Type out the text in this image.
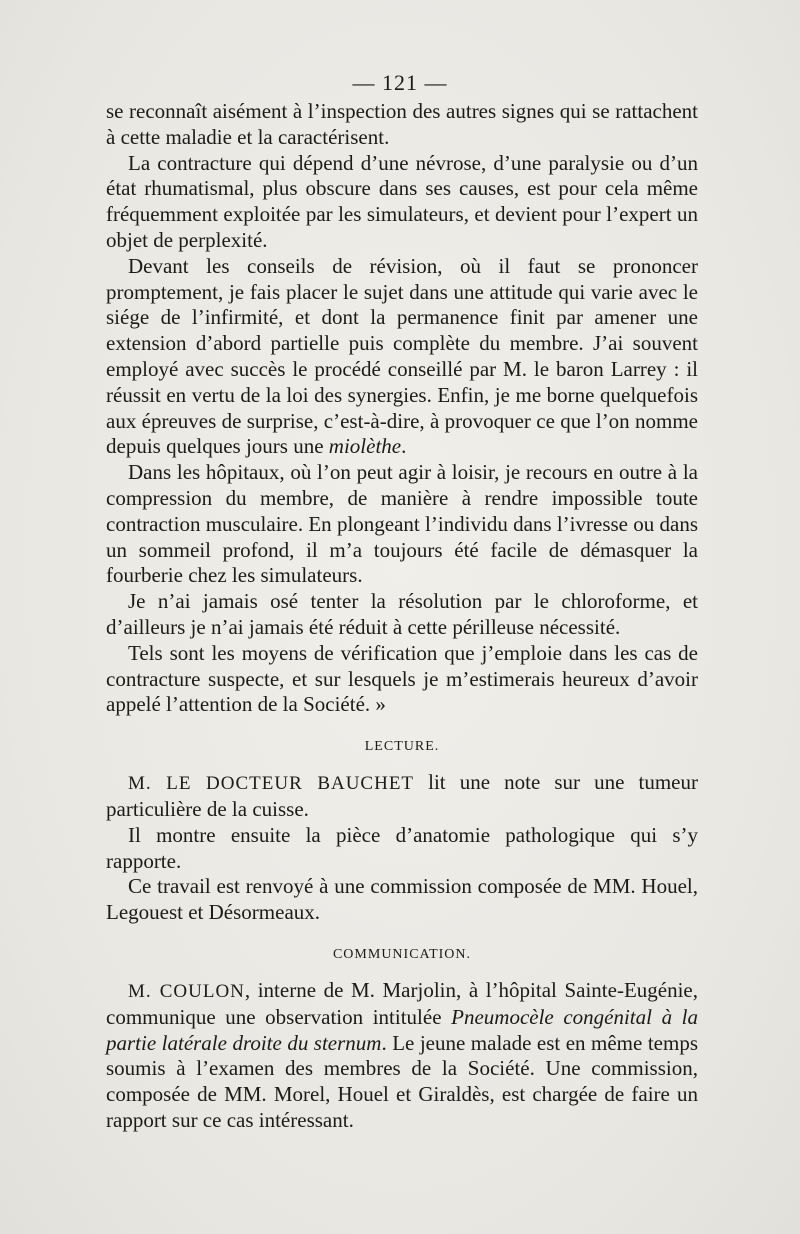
— 121 —

se reconnaît aisément à l’inspection des autres signes qui se rattachent à cette maladie et la caractérisent.

La contracture qui dépend d’une névrose, d’une paralysie ou d’un état rhumatismal, plus obscure dans ses causes, est pour cela même fréquemment exploitée par les simulateurs, et devient pour l’expert un objet de perplexité.

Devant les conseils de révision, où il faut se prononcer promptement, je fais placer le sujet dans une attitude qui varie avec le siége de l’infirmité, et dont la permanence finit par amener une extension d’abord partielle puis complète du membre. J’ai souvent employé avec succès le procédé conseillé par M. le baron Larrey : il réussit en vertu de la loi des synergies. Enfin, je me borne quelquefois aux épreuves de surprise, c’est-à-dire, à provoquer ce que l’on nomme depuis quelques jours une miolèthe.

Dans les hôpitaux, où l’on peut agir à loisir, je recours en outre à la compression du membre, de manière à rendre impossible toute contraction musculaire. En plongeant l’individu dans l’ivresse ou dans un sommeil profond, il m’a toujours été facile de démasquer la fourberie chez les simulateurs.

Je n’ai jamais osé tenter la résolution par le chloroforme, et d’ailleurs je n’ai jamais été réduit à cette périlleuse nécessité.

Tels sont les moyens de vérification que j’emploie dans les cas de contracture suspecte, et sur lesquels je m’estimerais heureux d’avoir appelé l’attention de la Société. »

LECTURE.

M. LE DOCTEUR BAUCHET lit une note sur une tumeur particulière de la cuisse.

Il montre ensuite la pièce d’anatomie pathologique qui s’y rapporte.

Ce travail est renvoyé à une commission composée de MM. Houel, Legouest et Désormeaux.

COMMUNICATION.

M. COULON, interne de M. Marjolin, à l’hôpital Sainte-Eugénie, communique une observation intitulée Pneumocèle congénital à la partie latérale droite du sternum. Le jeune malade est en même temps soumis à l’examen des membres de la Société. Une commission, composée de MM. Morel, Houel et Giraldès, est chargée de faire un rapport sur ce cas intéressant.
